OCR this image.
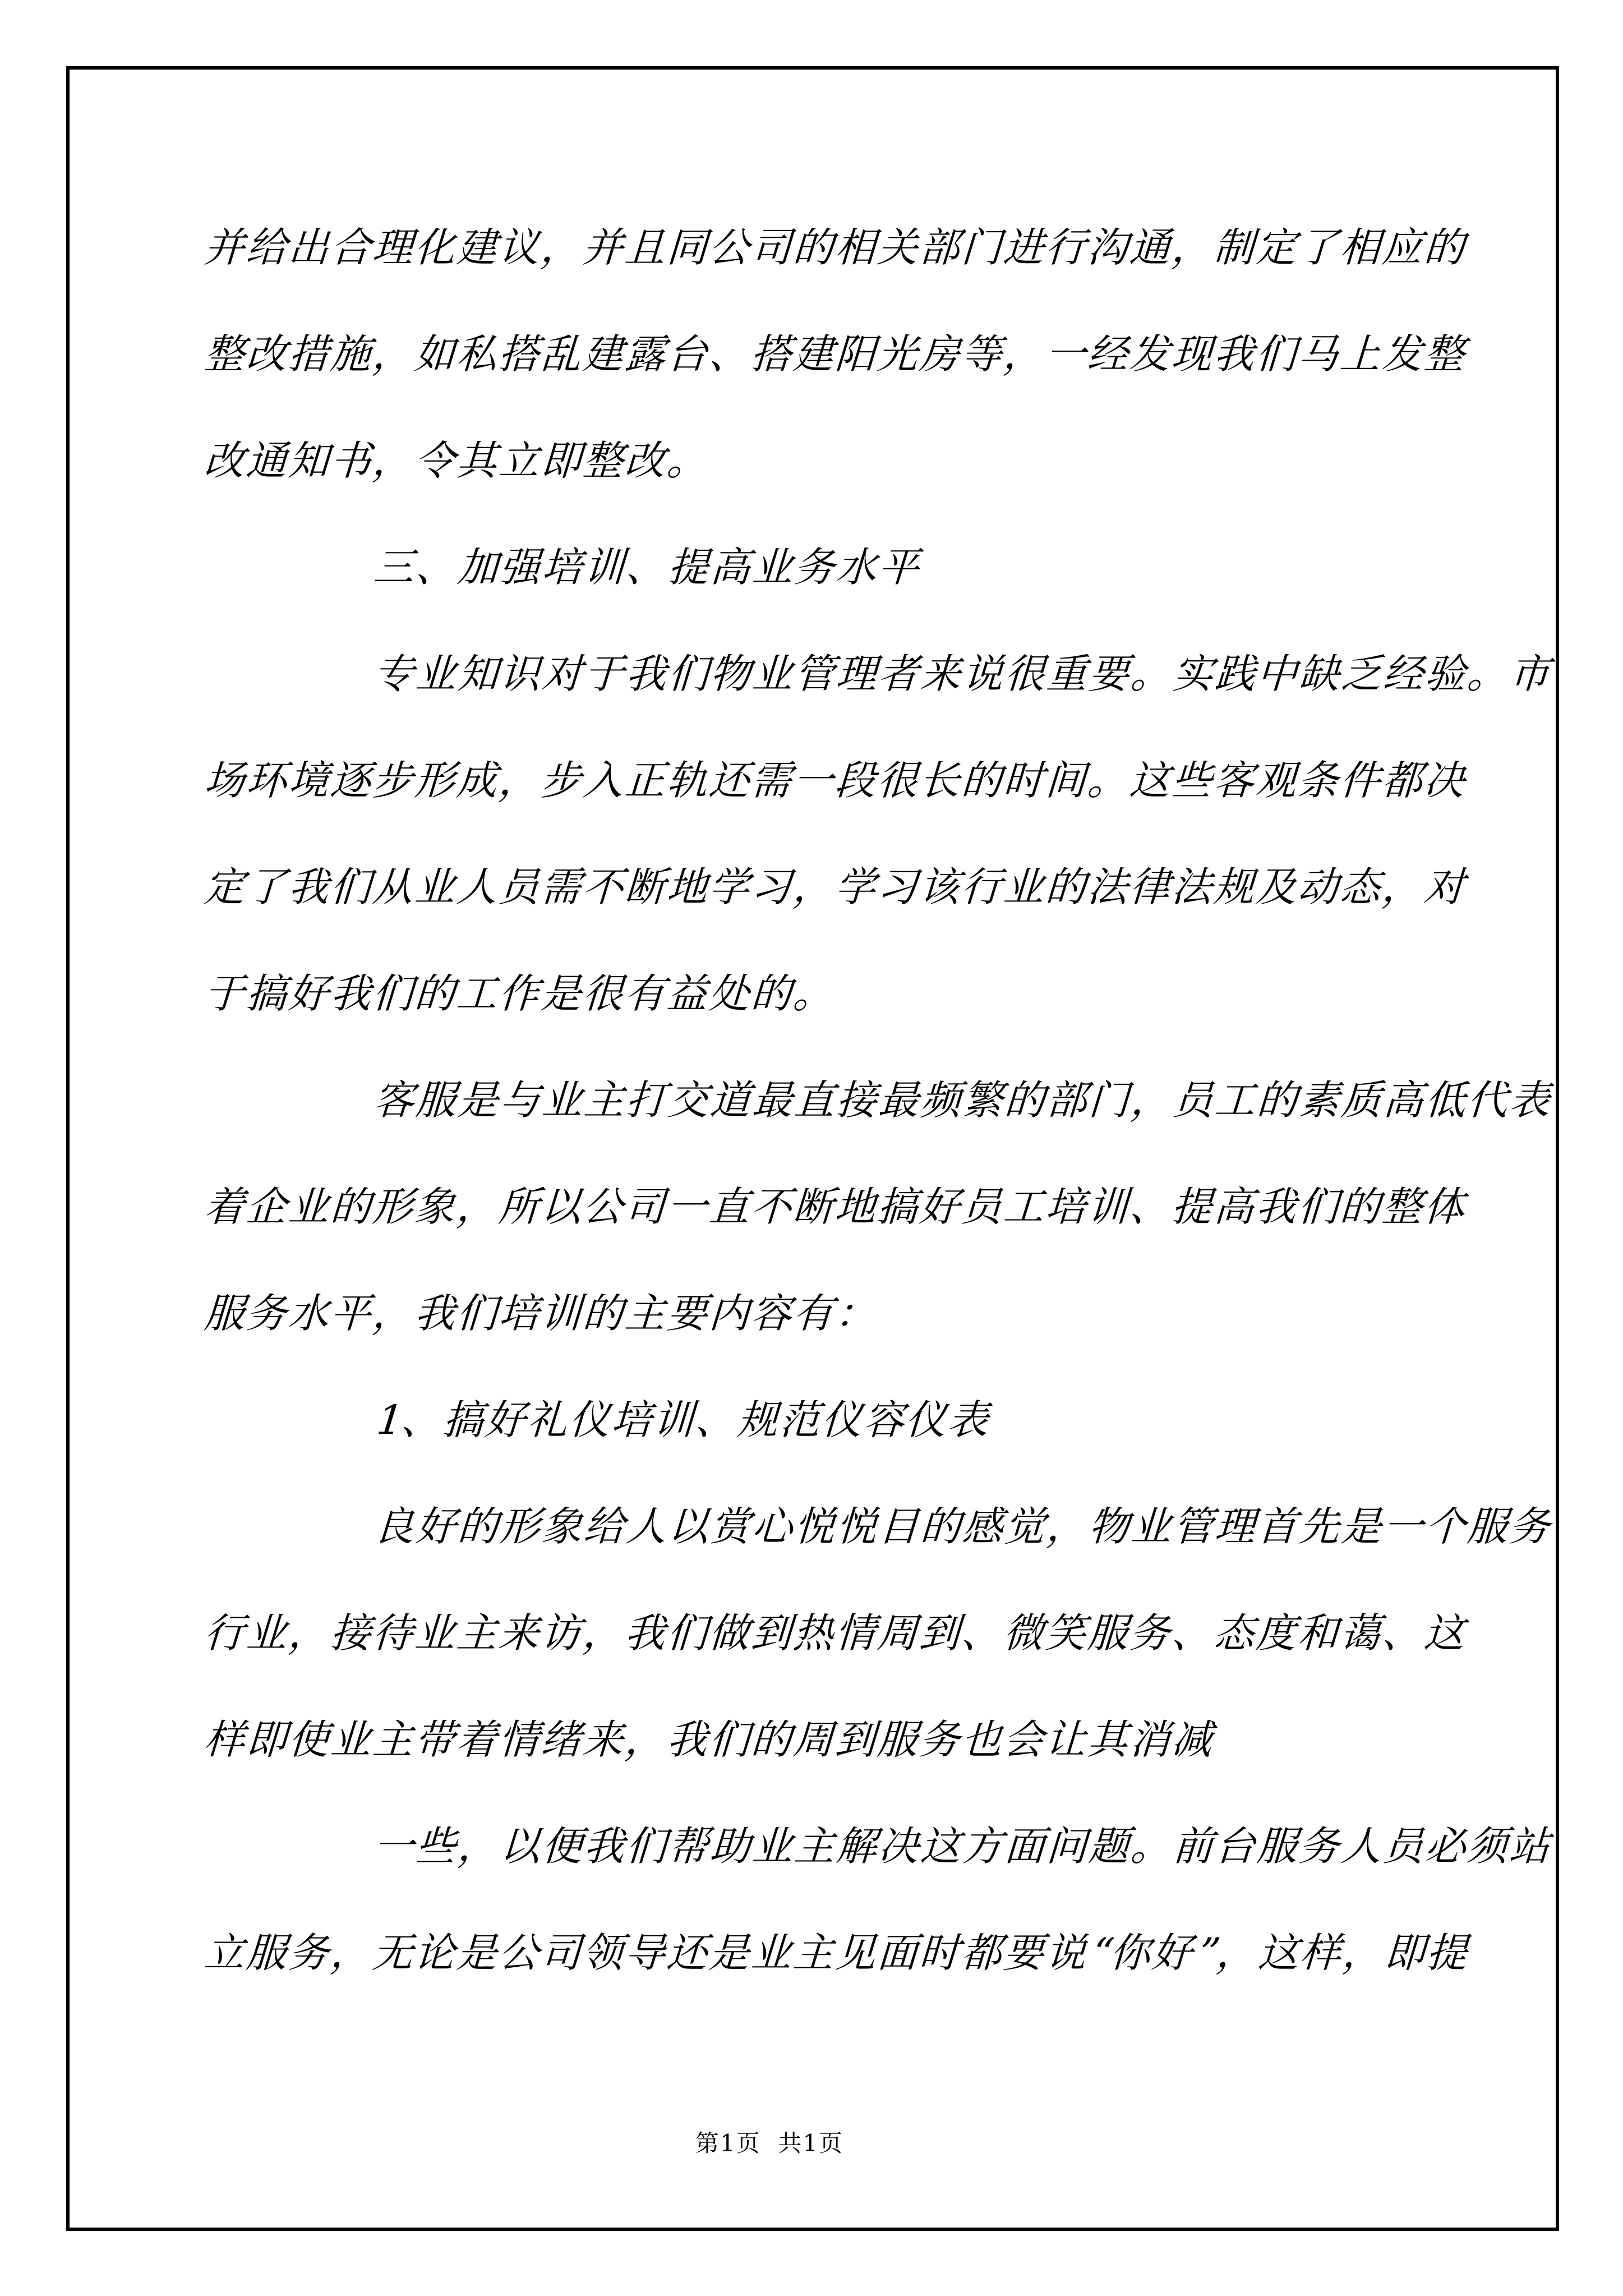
并给出合理化建议，并且同公司的相关部门进行沟通，制定了相应的
整改措施，如私搭乱建露台、搭建阳光房等，一经发现我们马上发整
改通知书，令其立即整改。
三、加强培训、提高业务水平
专业知识对于我们物业管理者来说很重要。实践中缺乏经验。市
场环境逐步形成，步入正轨还需一段很长的时间。这些客观条件都决
定了我们从业人员需不断地学习，学习该行业的法律法规及动态，对
于搞好我们的工作是很有益处的。
客服是与业主打交道最直接最频繁的部门，员工的素质高低代表
着企业的形象，所以公司一直不断地搞好员工培训、提高我们的整体
服务水平，我们培训的主要内容有：
1、搞好礼仪培训、规范仪容仪表
良好的形象给人以赏心悦悦目的感觉，物业管理首先是一个服务
行业，接待业主来访，我们做到热情周到、微笑服务、态度和蔼、这
样即使业主带着情绪来，我们的周到服务也会让其消减
一些，以便我们帮助业主解决这方面问题。前台服务人员必须站
立服务，无论是公司领导还是业主见面时都要说“你好”，这样，即提
第1页  共1页
